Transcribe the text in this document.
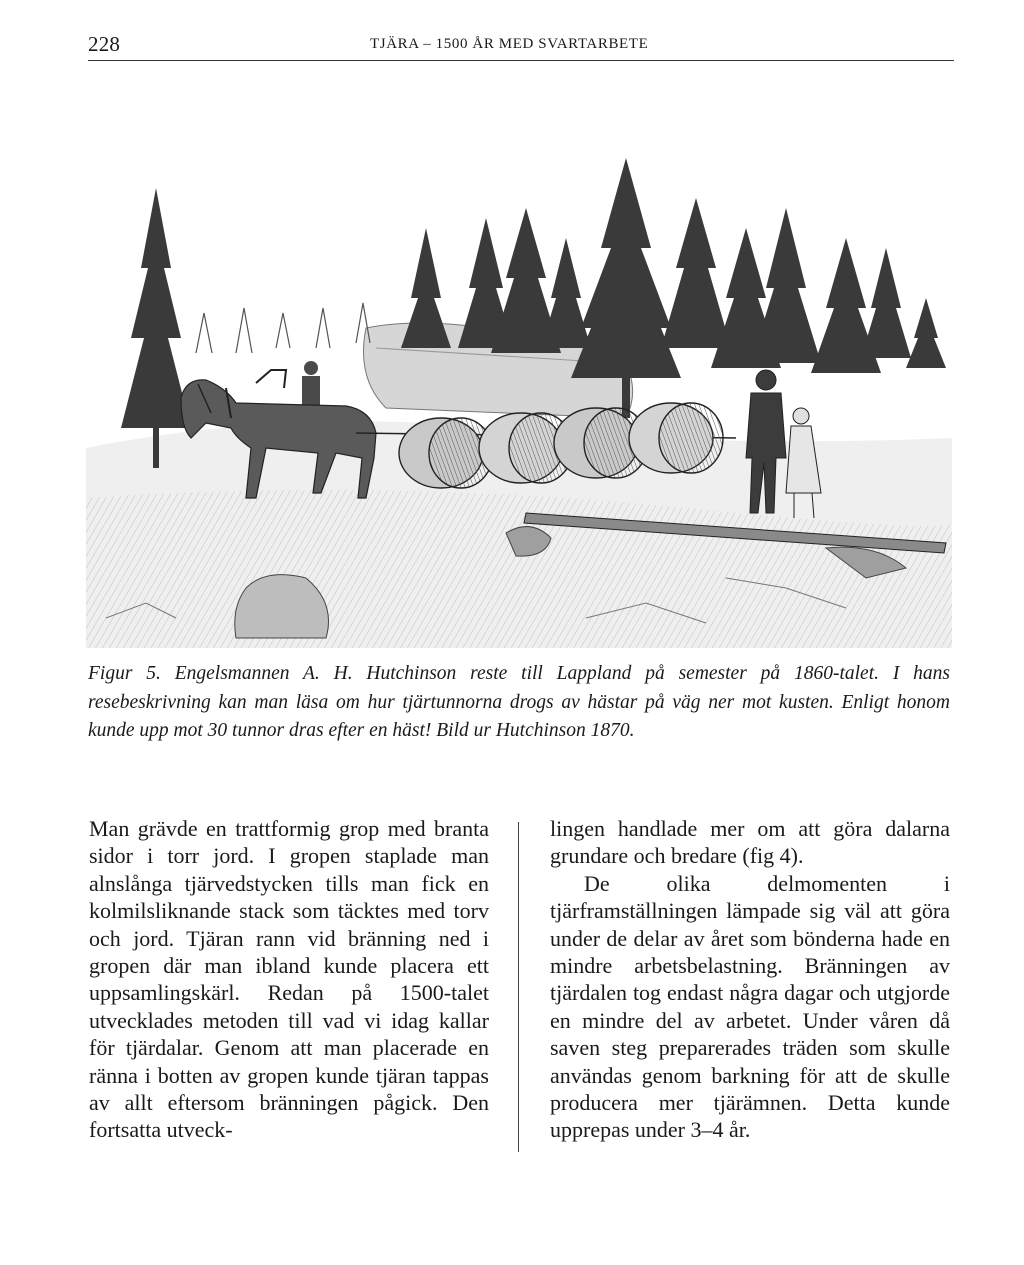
228	TJÄRA – 1500 ÅR MED SVARTARBETE
Figur 5. Engelsmannen A. H. Hutchinson reste till Lappland på semester på 1860-talet. I hans resebeskrivning kan man läsa om hur tjärtunnorna drogs av hästar på väg ner mot kusten. Enligt honom kunde upp mot 30 tunnor dras efter en häst! Bild ur Hutchinson 1870.

Man grävde en trattformig grop med branta sidor i torr jord. I gropen staplade man alnslånga tjärvedstycken tills man fick en kolmilsliknande stack som täcktes med torv och jord. Tjäran rann vid bränning ned i gropen där man ibland kunde placera ett uppsamlingskärl. Redan på 1500-talet utvecklades metoden till vad vi idag kallar för tjärdalar. Genom att man placerade en ränna i botten av gropen kunde tjäran tappas av allt eftersom bränningen pågick. Den fortsatta utveck-

lingen handlade mer om att göra dalarna grundare och bredare (fig 4).

De olika delmomenten i tjärframställningen lämpade sig väl att göra under de delar av året som bönderna hade en mindre arbetsbelastning. Bränningen av tjärdalen tog endast några dagar och utgjorde en mindre del av arbetet. Under våren då saven steg preparerades träden som skulle användas genom barkning för att de skulle producera mer tjärämnen. Detta kunde upprepas under 3–4 år.
